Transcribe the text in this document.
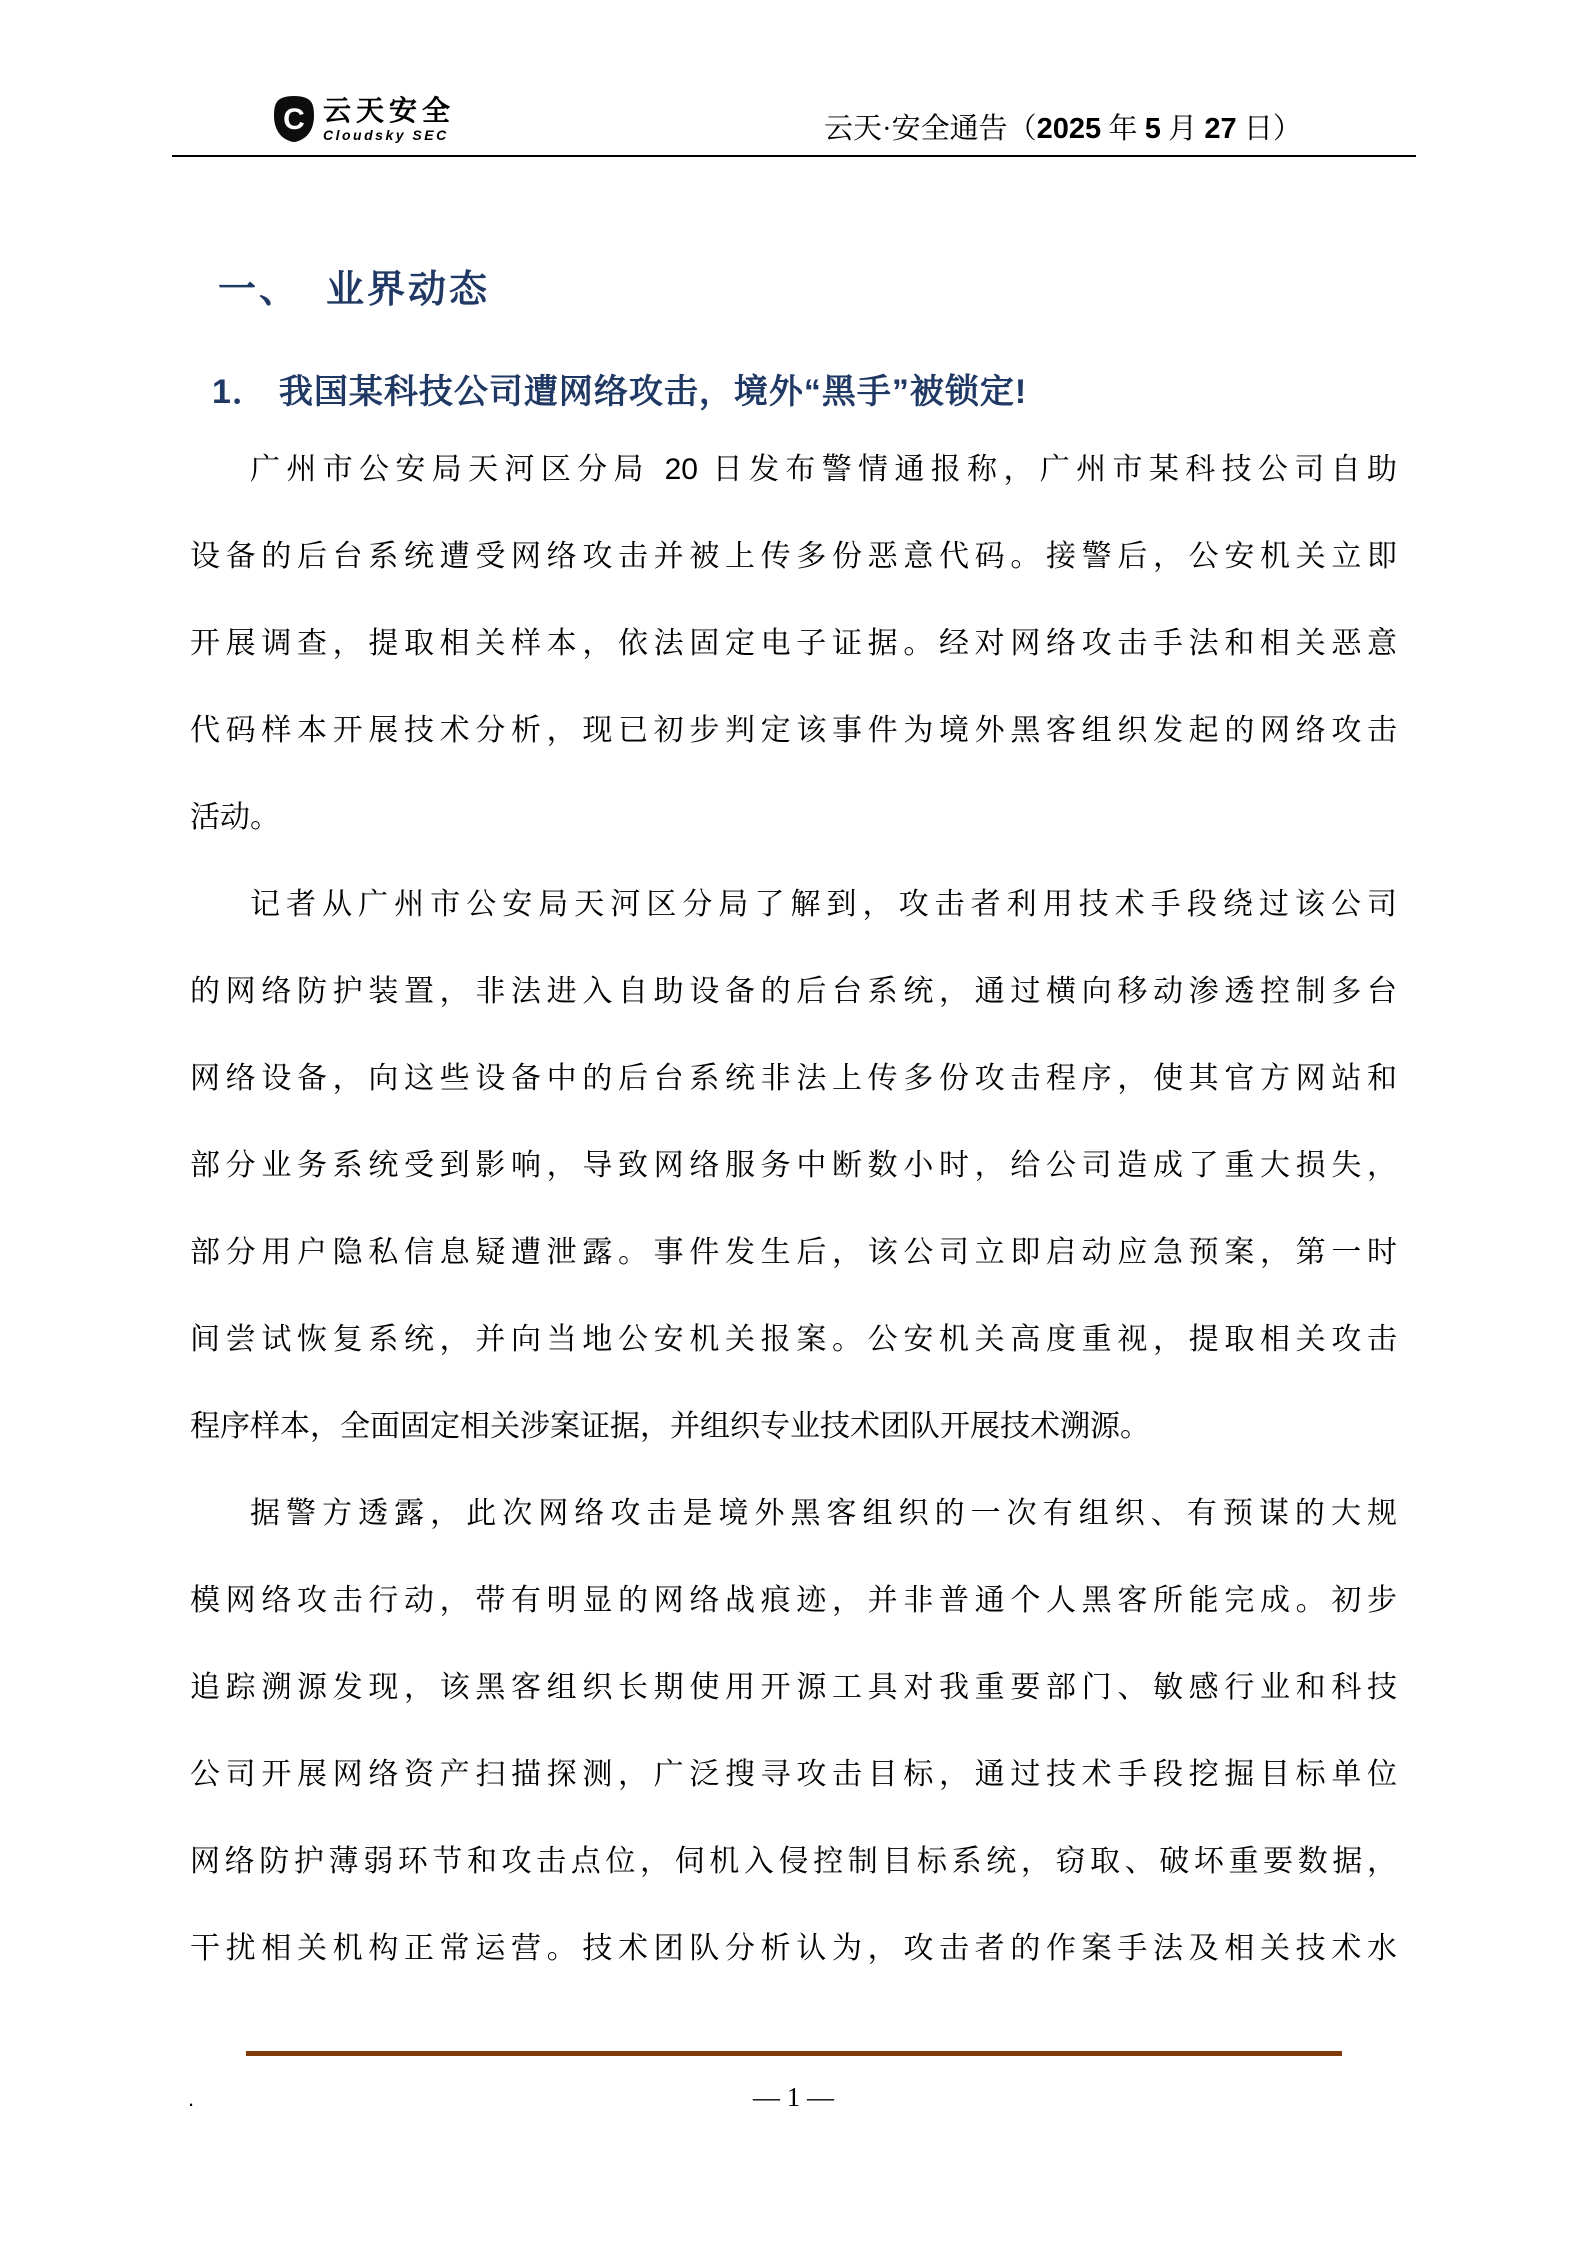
C 云天安全
Cloudsky SEC	云天·安全通告（2025 年 5 月 27 日）
一、 业界动态
1． 我国某科技公司遭网络攻击，境外“黑手”被锁定!
广州市公安局天河区分局 20 日发布警情通报称，广州市某科技公司自助
设备的后台系统遭受网络攻击并被上传多份恶意代码。接警后，公安机关立即
开展调查，提取相关样本，依法固定电子证据。经对网络攻击手法和相关恶意
代码样本开展技术分析，现已初步判定该事件为境外黑客组织发起的网络攻击
活动。
记者从广州市公安局天河区分局了解到，攻击者利用技术手段绕过该公司
的网络防护装置，非法进入自助设备的后台系统，通过横向移动渗透控制多台
网络设备，向这些设备中的后台系统非法上传多份攻击程序，使其官方网站和
部分业务系统受到影响，导致网络服务中断数小时，给公司造成了重大损失，
部分用户隐私信息疑遭泄露。事件发生后，该公司立即启动应急预案，第一时
间尝试恢复系统，并向当地公安机关报案。公安机关高度重视，提取相关攻击
程序样本，全面固定相关涉案证据，并组织专业技术团队开展技术溯源。
据警方透露，此次网络攻击是境外黑客组织的一次有组织、有预谋的大规
模网络攻击行动，带有明显的网络战痕迹，并非普通个人黑客所能完成。初步
追踪溯源发现，该黑客组织长期使用开源工具对我重要部门、敏感行业和科技
公司开展网络资产扫描探测，广泛搜寻攻击目标，通过技术手段挖掘目标单位
网络防护薄弱环节和攻击点位，伺机入侵控制目标系统，窃取、破坏重要数据，
干扰相关机构正常运营。技术团队分析认为，攻击者的作案手法及相关技术水
.	— 1 —
